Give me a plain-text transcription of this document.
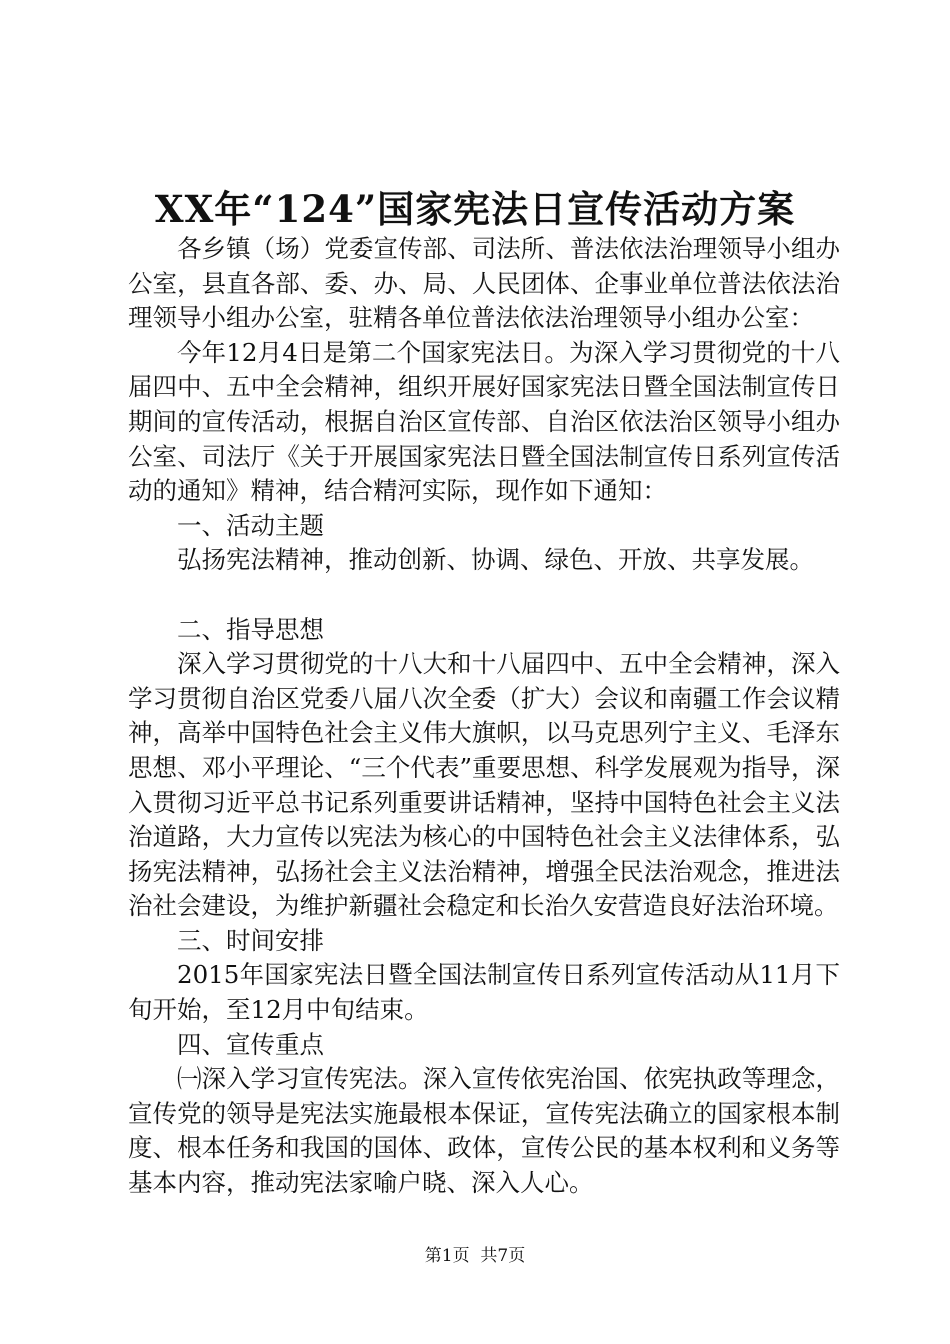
XX年“124”国家宪法日宣传活动方案

各乡镇（场）党委宣传部、司法所、普法依法治理领导小组办公室，县直各部、委、办、局、人民团体、企事业单位普法依法治理领导小组办公室，驻精各单位普法依法治理领导小组办公室：

今年12月4日是第二个国家宪法日。为深入学习贯彻党的十八届四中、五中全会精神，组织开展好国家宪法日暨全国法制宣传日期间的宣传活动，根据自治区宣传部、自治区依法治区领导小组办公室、司法厅《关于开展国家宪法日暨全国法制宣传日系列宣传活动的通知》精神，结合精河实际，现作如下通知：

一、活动主题

弘扬宪法精神，推动创新、协调、绿色、开放、共享发展。

二、指导思想

深入学习贯彻党的十八大和十八届四中、五中全会精神，深入学习贯彻自治区党委八届八次全委（扩大）会议和南疆工作会议精神，高举中国特色社会主义伟大旗帜，以马克思列宁主义、毛泽东思想、邓小平理论、“三个代表”重要思想、科学发展观为指导，深入贯彻习近平总书记系列重要讲话精神，坚持中国特色社会主义法治道路，大力宣传以宪法为核心的中国特色社会主义法律体系，弘扬宪法精神，弘扬社会主义法治精神，增强全民法治观念，推进法治社会建设，为维护新疆社会稳定和长治久安营造良好法治环境。

三、时间安排

2015年国家宪法日暨全国法制宣传日系列宣传活动从11月下旬开始，至12月中旬结束。

四、宣传重点

㈠深入学习宣传宪法。深入宣传依宪治国、依宪执政等理念，宣传党的领导是宪法实施最根本保证，宣传宪法确立的国家根本制度、根本任务和我国的国体、政体，宣传公民的基本权利和义务等基本内容，推动宪法家喻户晓、深入人心。

第1页 共7页
